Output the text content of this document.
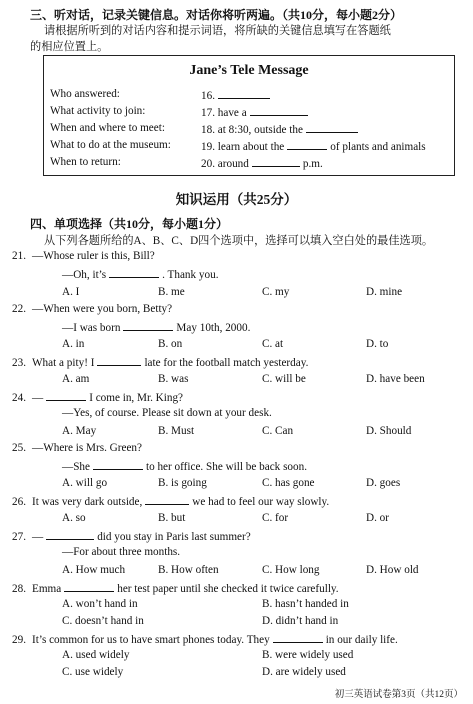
三、听对话，记录关键信息。对话你将听两遍。（共10分，每小题2分）
请根据所听到的对话内容和提示词语，将所缺的关键信息填写在答题纸
的相应位置上。
Jane’s Tele Message
Who answered:	16.
What activity to join:	17. have a
When and where to meet:	18. at 8:30, outside the
What to do at the museum:	19. learn about the	of plants and animals
When to return:	20. around	p.m.
知识运用（共25分）
四、单项选择（共10分，每小题1分）
从下列各题所给的A、B、C、D四个选项中，选择可以填入空白处的最佳选项。
21. —Whose ruler is this, Bill?
—Oh, it’s	. Thank you.
A. I	B. me	C. my	D. mine
22. —When were you born, Betty?
—I was born	May 10th, 2000.
A. in	B. on	C. at	D. to
23. What a pity! I	late for the football match yesterday.
A. am	B. was	C. will be	D. have been
24. —	I come in, Mr. King?
—Yes, of course. Please sit down at your desk.
A. May	B. Must	C. Can	D. Should
25. —Where is Mrs. Green?
—She	to her office. She will be back soon.
A. will go	B. is going	C. has gone	D. goes
26. It was very dark outside,	we had to feel our way slowly.
A. so	B. but	C. for	D. or
27. —	did you stay in Paris last summer?
—For about three months.
A. How much	B. How often	C. How long	D. How old
28. Emma	her test paper until she checked it twice carefully.
A. won’t hand in	B. hasn’t handed in
C. doesn’t hand in	D. didn’t hand in
29. It’s common for us to have smart phones today. They	in our daily life.
A. used widely	B. were widely used
C. use widely	D. are widely used
初三英语试卷第3页（共12页）
